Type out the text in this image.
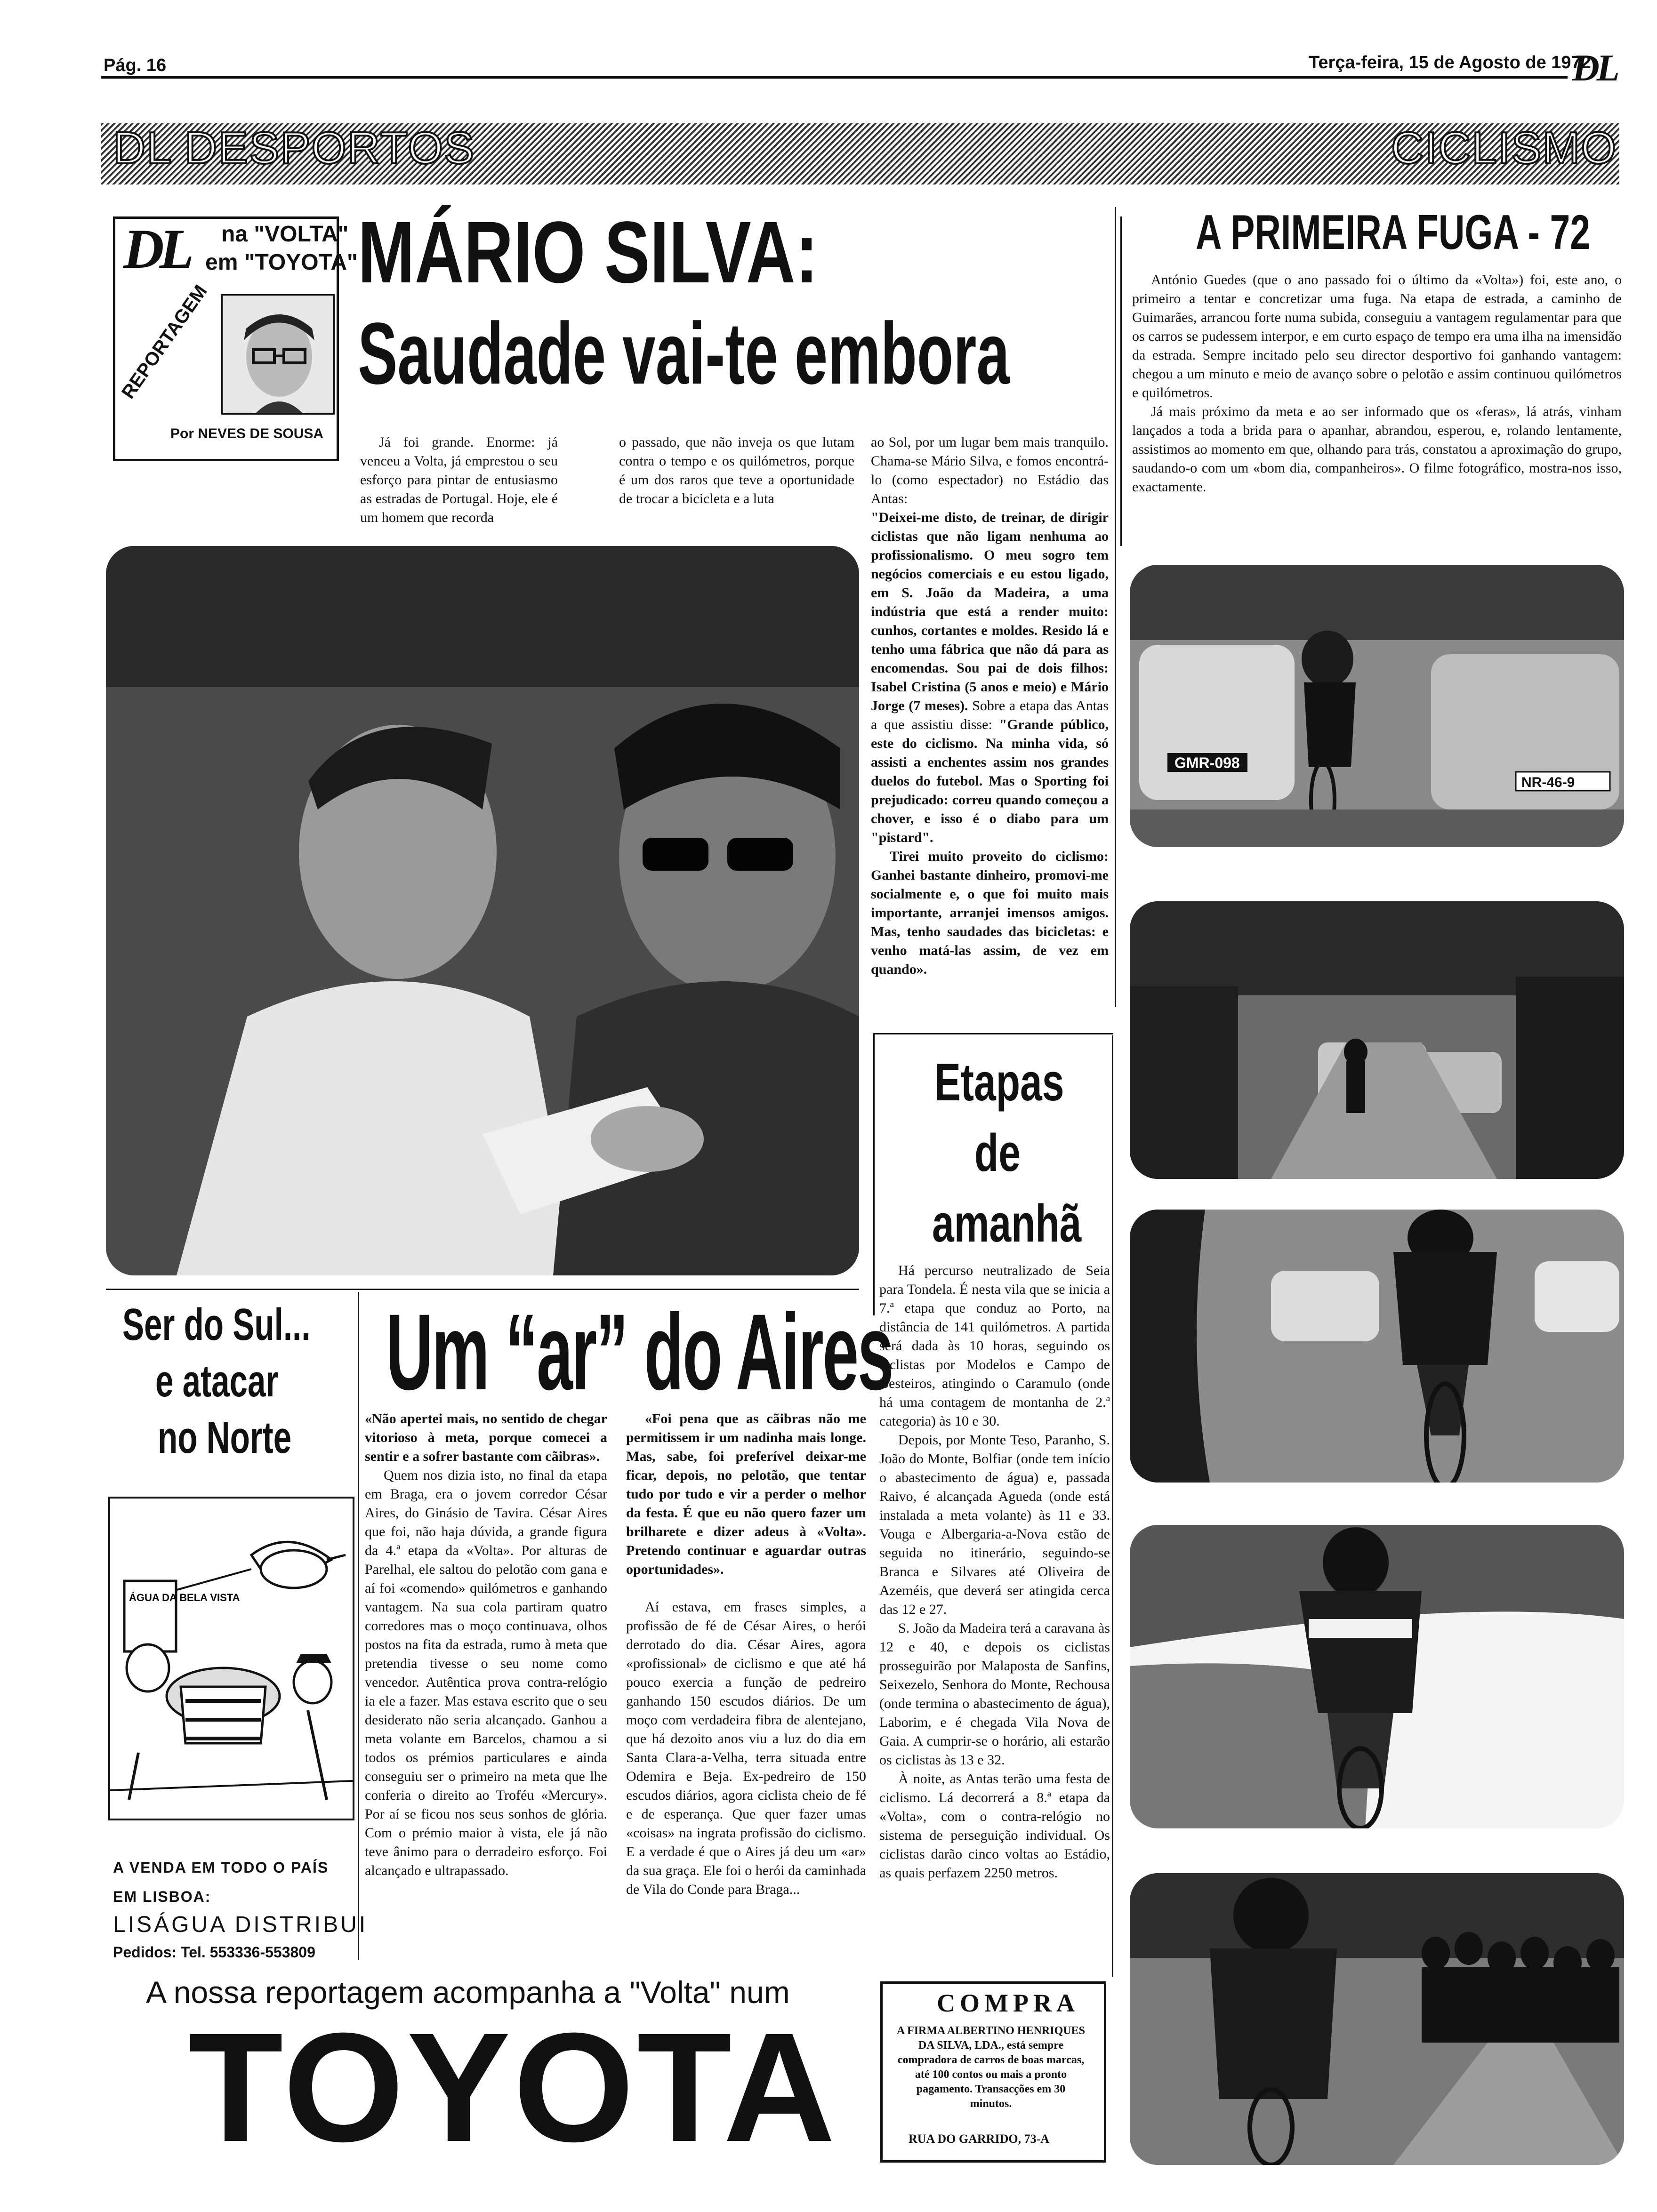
Pág. 16	Terça-feira, 15 de Agosto de 1972
DL
DL DESPORTOS	CICLISMO
DL na "VOLTA"
em "TOYOTA"
REPORTAGEM
Por NEVES DE SOUSA
MÁRIO SILVA:
Saudade vai-te embora

Já foi grande. Enorme: já venceu a Volta, já emprestou o seu esforço para pintar de entusiasmo as estradas de Portugal. Hoje, ele é um homem que recorda

o passado, que não inveja os que lutam contra o tempo e os quilómetros, porque é um dos raros que teve a oportunidade de trocar a bicicleta e a luta

ao Sol, por um lugar bem mais tranquilo. Chama-se Mário Silva, e fomos encontrá-lo (como espectador) no Estádio das Antas:
"Deixei-me disto, de treinar, de dirigir ciclistas que não ligam nenhuma ao profissionalismo. O meu sogro tem negócios comerciais e eu estou ligado, em S. João da Madeira, a uma indústria que está a render muito: cunhos, cortantes e moldes. Resido lá e tenho uma fábrica que não dá para as encomendas. Sou pai de dois filhos: Isabel Cristina (5 anos e meio) e Mário Jorge (7 meses). Sobre a etapa das Antas a que assistiu disse: "Grande público, este do ciclismo. Na minha vida, só assisti a enchentes assim nos grandes duelos do futebol. Mas o Sporting foi prejudicado: correu quando começou a chover, e isso é o diabo para um "pistard".

Tirei muito proveito do ciclismo: Ganhei bastante dinheiro, promovi-me socialmente e, o que foi muito mais importante, arranjei imensos amigos. Mas, tenho saudades das bicicletas: e venho matá-las assim, de vez em quando».

A PRIMEIRA FUGA - 72

António Guedes (que o ano passado foi o último da «Volta») foi, este ano, o primeiro a tentar e concretizar uma fuga. Na etapa de estrada, a caminho de Guimarães, arrancou forte numa subida, conseguiu a vantagem regulamentar para que os carros se pudessem interpor, e em curto espaço de tempo era uma ilha na imensidão da estrada. Sempre incitado pelo seu director desportivo foi ganhando vantagem: chegou a um minuto e meio de avanço sobre o pelotão e assim continuou quilómetros e quilómetros.

Já mais próximo da meta e ao ser informado que os «feras», lá atrás, vinham lançados a toda a brida para o apanhar, abrandou, esperou, e, rolando lentamente, assistimos ao momento em que, olhando para trás, constatou a aproximação do grupo, saudando-o com um «bom dia, companheiros». O filme fotográfico, mostra-nos isso, exactamente.

GMR-098
NR-46-9
Etapas
de
amanhã

Há percurso neutralizado de Seia para Tondela. É nesta vila que se inicia a 7.ª etapa que conduz ao Porto, na distância de 141 quilómetros. A partida será dada às 10 horas, seguindo os ciclistas por Modelos e Campo de Besteiros, atingindo o Caramulo (onde há uma contagem de montanha de 2.ª categoria) às 10 e 30.

Depois, por Monte Teso, Paranho, S. João do Monte, Bolfiar (onde tem início o abastecimento de água) e, passada Raivo, é alcançada Agueda (onde está instalada a meta volante) às 11 e 33. Vouga e Albergaria-a-Nova estão de seguida no itinerário, seguindo-se Branca e Silvares até Oliveira de Azeméis, que deverá ser atingida cerca das 12 e 27.

S. João da Madeira terá a caravana às 12 e 40, e depois os ciclistas prosseguirão por Malaposta de Sanfins, Seixezelo, Senhora do Monte, Rechousa (onde termina o abastecimento de água), Laborim, e é chegada Vila Nova de Gaia. A cumprir-se o horário, ali estarão os ciclistas às 13 e 32.

À noite, as Antas terão uma festa de ciclismo. Lá decorrerá a 8.ª etapa da «Volta», com o contra-relógio no sistema de perseguição individual. Os ciclistas darão cinco voltas ao Estádio, as quais perfazem 2250 metros.

Ser do Sul...
e atacar
no Norte
Um “ar” do Aires

«Não apertei mais, no sentido de chegar vitorioso à meta, porque comecei a sentir e a sofrer bastante com cãibras».

Quem nos dizia isto, no final da etapa em Braga, era o jovem corredor César Aires, do Ginásio de Tavira. César Aires que foi, não haja dúvida, a grande figura da 4.ª etapa da «Volta». Por alturas de Parelhal, ele saltou do pelotão com gana e aí foi «comendo» quilómetros e ganhando vantagem. Na sua cola partiram quatro corredores mas o moço continuava, olhos postos na fita da estrada, rumo à meta que pretendia tivesse o seu nome como vencedor. Autêntica prova contra-relógio ia ele a fazer. Mas estava escrito que o seu desiderato não seria alcançado. Ganhou a meta volante em Barcelos, chamou a si todos os prémios particulares e ainda conseguiu ser o primeiro na meta que lhe conferia o direito ao Troféu «Mercury». Por aí se ficou nos seus sonhos de glória. Com o prémio maior à vista, ele já não teve ânimo para o derradeiro esforço. Foi alcançado e ultrapassado.

«Foi pena que as cãibras não me permitissem ir um nadinha mais longe. Mas, sabe, foi preferível deixar-me ficar, depois, no pelotão, que tentar tudo por tudo e vir a perder o melhor da festa. É que eu não quero fazer um brilharete e dizer adeus à «Volta». Pretendo continuar e aguardar outras oportunidades».

Aí estava, em frases simples, a profissão de fé de César Aires, o herói derrotado do dia. César Aires, agora «profissional» de ciclismo e que até há pouco exercia a função de pedreiro ganhando 150 escudos diários. De um moço com verdadeira fibra de alentejano, que há dezoito anos viu a luz do dia em Santa Clara-a-Velha, terra situada entre Odemira e Beja. Ex-pedreiro de 150 escudos diários, agora ciclista cheio de fé e de esperança. Que quer fazer umas «coisas» na ingrata profissão do ciclismo. E a verdade é que o Aires já deu um «ar» da sua graça. Ele foi o herói da caminhada de Vila do Conde para Braga...

ÁGUA DA BELA VISTA
A VENDA EM TODO O PAÍS
EM LISBOA:
LISÁGUA DISTRIBUI
Pedidos: Tel. 553336-553809
A nossa reportagem acompanha a "Volta" num
TOYOTA	COMPRA
A FIRMA ALBERTINO HENRIQUES DA SILVA, LDA., está sempre compradora de carros de boas marcas, até 100 contos ou mais a pronto pagamento. Transacções em 30 minutos.
RUA DO GARRIDO, 73-A
